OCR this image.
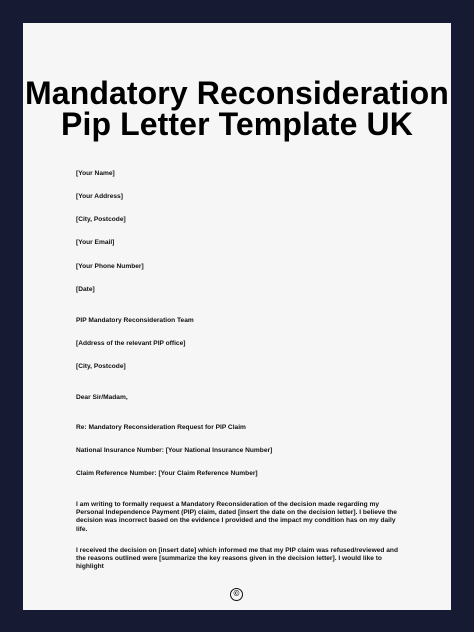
Mandatory Reconsideration
Pip Letter Template UK
[Your Name]
[Your Address]
[City, Postcode]
[Your Email]
[Your Phone Number]
[Date]
PIP Mandatory Reconsideration Team
[Address of the relevant PIP office]
[City, Postcode]
Dear Sir/Madam,
Re: Mandatory Reconsideration Request for PIP Claim
National Insurance Number: [Your National Insurance Number]
Claim Reference Number: [Your Claim Reference Number]
I am writing to formally request a Mandatory Reconsideration of the decision made regarding my Personal Independence Payment (PIP) claim, dated [insert the date on the decision letter]. I believe the decision was incorrect based on the evidence I provided and the impact my condition has on my daily life.
I received the decision on [insert date] which informed me that my PIP claim was refused/reviewed and the reasons outlined were [summarize the key reasons given in the decision letter]. I would like to highlight
©
